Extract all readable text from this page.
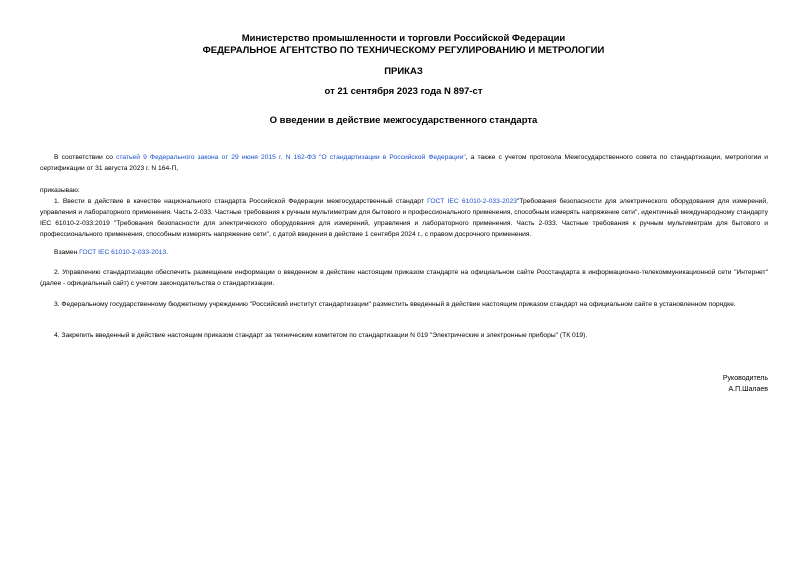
Министерство промышленности и торговли Российской Федерации
ФЕДЕРАЛЬНОЕ АГЕНТСТВО ПО ТЕХНИЧЕСКОМУ РЕГУЛИРОВАНИЮ И МЕТРОЛОГИИ
ПРИКАЗ
от 21 сентября 2023 года N 897-ст
О введении в действие межгосударственного стандарта
В соответствии со статьей 9 Федерального закона от 29 июня 2015 г. N 162-ФЗ "О стандартизации в Российской Федерации", а также с учетом протокола Межгосударственного совета по стандартизации, метрологии и сертификации от 31 августа 2023 г. N 164-П,
приказываю:
1. Ввести в действие в качестве национального стандарта Российской Федерации межгосударственный стандарт ГОСТ IEC 61010-2-033-2023"Требования безопасности для электрического оборудования для измерений, управления и лабораторного применения. Часть 2-033. Частные требования к ручным мультиметрам для бытового и профессионального применения, способным измерять напряжение сети", идентичный международному стандарту IEC 61010-2-033:2019 "Требования безопасности для электрического оборудования для измерений, управления и лабораторного применения. Часть 2-033. Частные требования к ручным мультиметрам для бытового и профессионального применения, способным измерять напряжение сети", с датой введения в действие 1 сентября 2024 г., с правом досрочного применения.
Взамен ГОСТ IEC 61010-2-033-2013.
2. Управлению стандартизации обеспечить размещение информации о введенном в действие настоящим приказом стандарте на официальном сайте Росстандарта в информационно-телекоммуникационной сети "Интернет" (далее - официальный сайт) с учетом законодательства о стандартизации.
3. Федеральному государственному бюджетному учреждению "Российский институт стандартизации" разместить введенный в действие настоящим приказом стандарт на официальном сайте в установленном порядке.
4. Закрепить введенный в действие настоящим приказом стандарт за техническим комитетом по стандартизации N 019 "Электрические и электронные приборы" (ТК 019).
Руководитель
А.П.Шалаев
